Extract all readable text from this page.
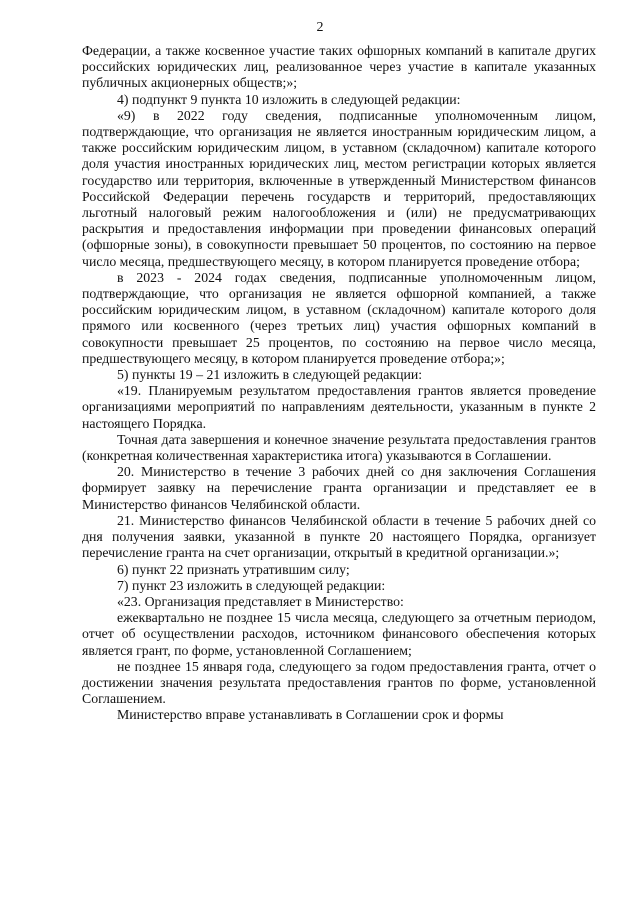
2

Федерации, а также косвенное участие таких офшорных компаний в капитале других российских юридических лиц, реализованное через участие в капитале указанных публичных акционерных обществ;»;

4) подпункт 9 пункта 10 изложить в следующей редакции:

«9) в 2022 году сведения, подписанные уполномоченным лицом, подтверждающие, что организация не является иностранным юридическим лицом, а также российским юридическим лицом, в уставном (складочном) капитале которого доля участия иностранных юридических лиц, местом регистрации которых является государство или территория, включенные в утвержденный Министерством финансов Российской Федерации перечень государств и территорий, предоставляющих льготный налоговый режим налогообложения и (или) не предусматривающих раскрытия и предоставления информации при проведении финансовых операций (офшорные зоны), в совокупности превышает 50 процентов, по состоянию на первое число месяца, предшествующего месяцу, в котором планируется проведение отбора;

в 2023 - 2024 годах сведения, подписанные уполномоченным лицом, подтверждающие, что организация не является офшорной компанией, а также российским юридическим лицом, в уставном (складочном) капитале которого доля прямого или косвенного (через третьих лиц) участия офшорных компаний в совокупности превышает 25 процентов, по состоянию на первое число месяца, предшествующего месяцу, в котором планируется проведение отбора;»;

5) пункты 19 – 21 изложить в следующей редакции:

«19. Планируемым результатом предоставления грантов является проведение организациями мероприятий по направлениям деятельности, указанным в пункте 2 настоящего Порядка.

Точная дата завершения и конечное значение результата предоставления грантов (конкретная количественная характеристика итога) указываются в Соглашении.

20. Министерство в течение 3 рабочих дней со дня заключения Соглашения формирует заявку на перечисление гранта организации и представляет ее в Министерство финансов Челябинской области.

21. Министерство финансов Челябинской области в течение 5 рабочих дней со дня получения заявки, указанной в пункте 20 настоящего Порядка, организует перечисление гранта на счет организации, открытый в кредитной организации.»;

6) пункт 22 признать утратившим силу;

7) пункт 23 изложить в следующей редакции:

«23. Организация представляет в Министерство:

ежеквартально не позднее 15 числа месяца, следующего за отчетным периодом, отчет об осуществлении расходов, источником финансового обеспечения которых является грант, по форме, установленной Соглашением;

не позднее 15 января года, следующего за годом предоставления гранта, отчет о достижении значения результата предоставления грантов по форме, установленной Соглашением.

Министерство вправе устанавливать в Соглашении срок и формы
